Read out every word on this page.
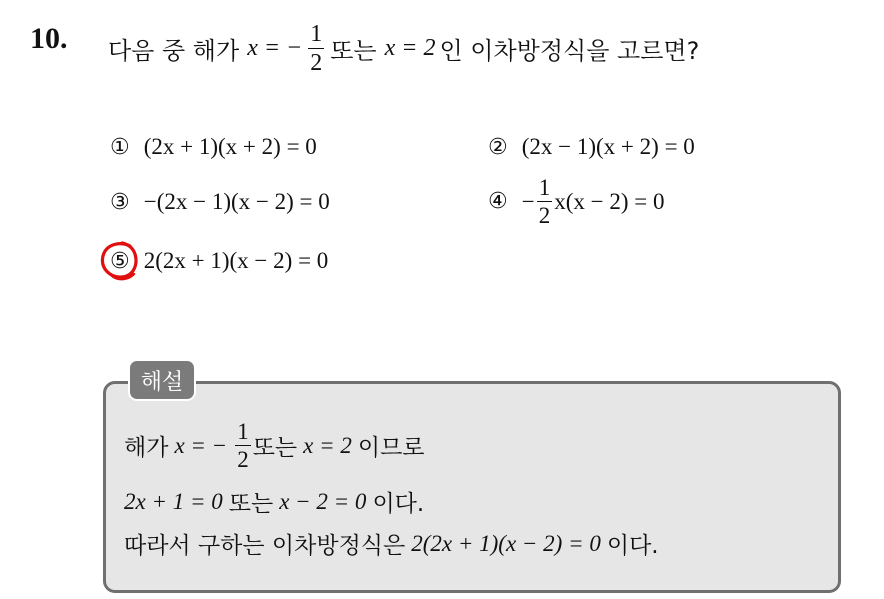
10. 다음 중 해가 x = − $\frac{1}{2}$ 또는 x = 2 인 이차방정식을 고르면?
① (2x + 1)(x + 2) = 0	② (2x − 1)(x + 2) = 0
③ −(2x − 1)(x − 2) = 0	④ − $\frac{1}{2} x(x - 2) = 0$
⑤ 2(2x + 1)(x − 2) = 0
해설
해가 x = − $\frac{1}{2}$ 또는 x = 2 이므로
2x + 1 = 0 또는 x − 2 = 0 이다.
따라서 구하는 이차방정식은 2(2x + 1)(x − 2) = 0 이다.
